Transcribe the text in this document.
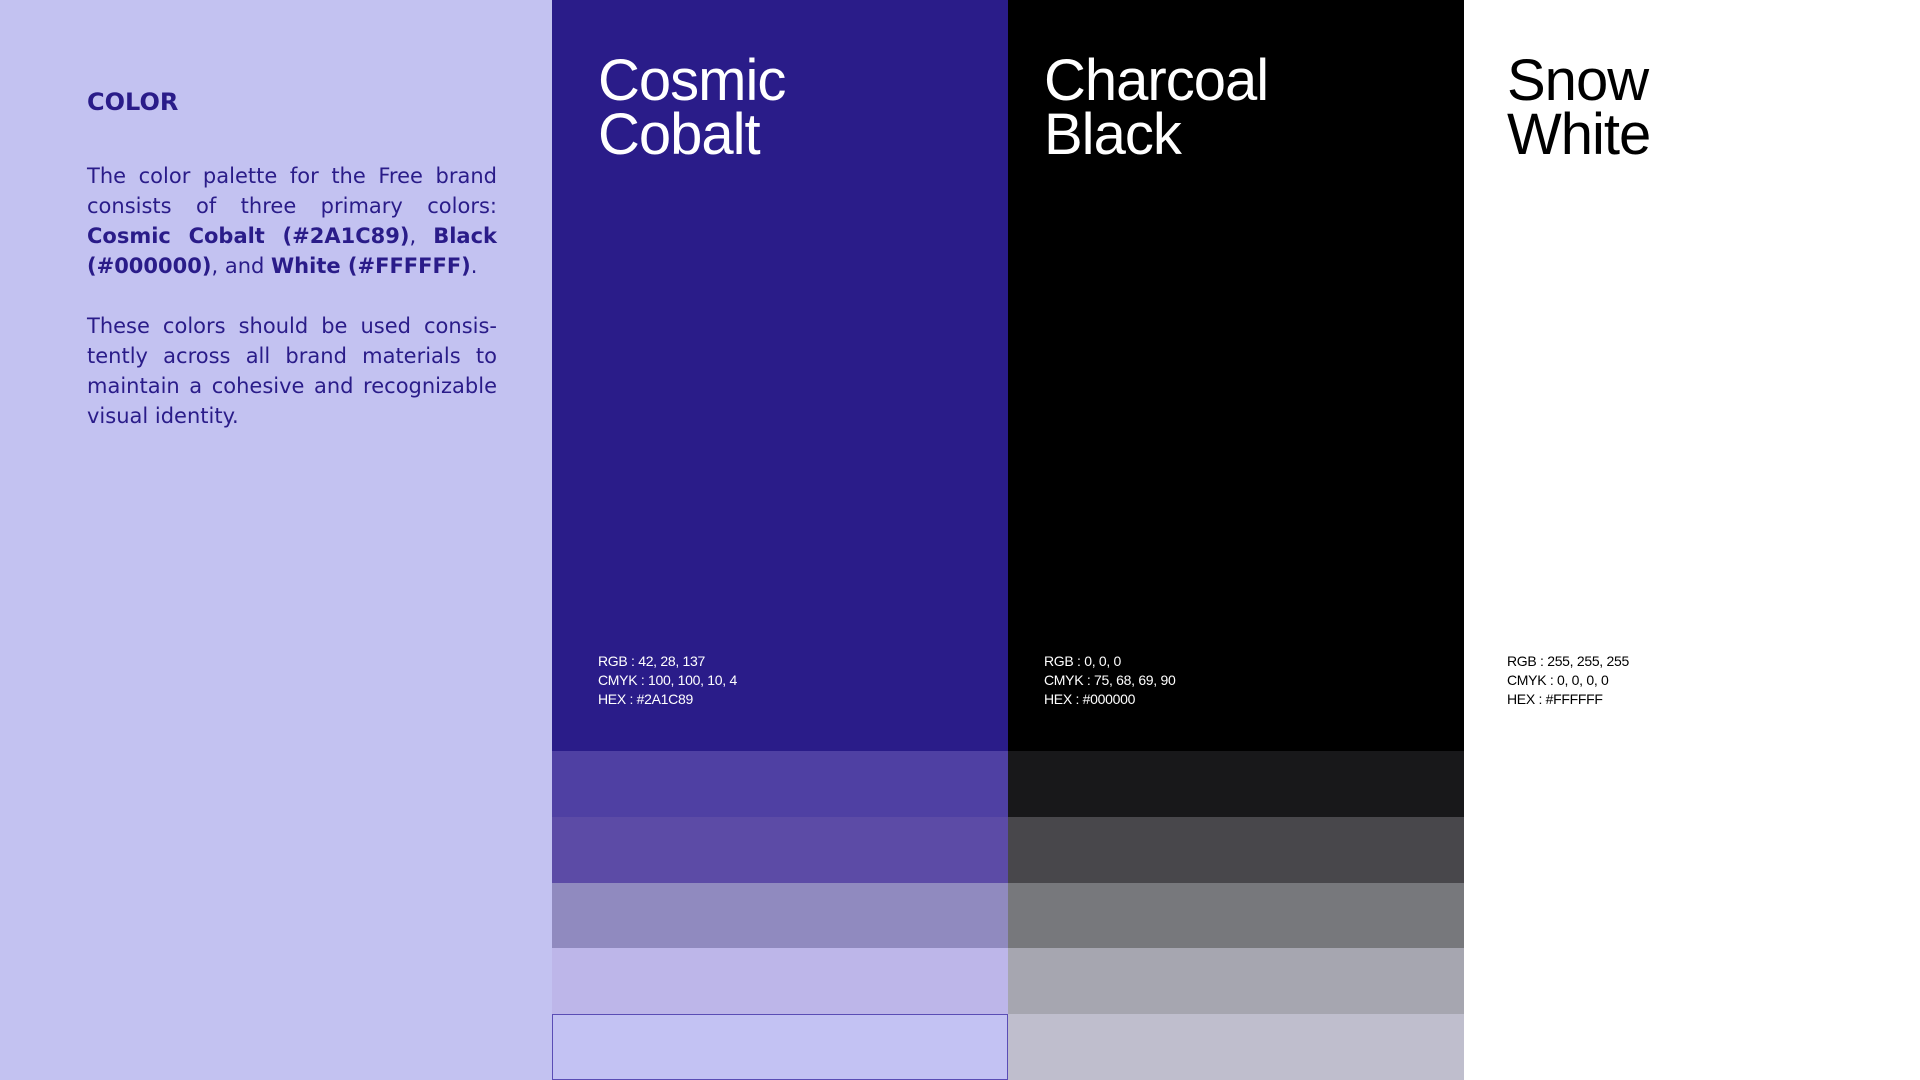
COLOR

The color palette for the Free brand consists of three primary colors: Cosmic Cobalt (#2A1C89), Black (#000000), and White (#FFFFFF).

These colors should be used consis-tently across all brand materials to maintain a cohesive and recognizable visual identity.

Cosmic
Cobalt
RGB : 42, 28, 137
CMYK : 100, 100, 10, 4
HEX : #2A1C89
Charcoal
Black
RGB : 0, 0, 0
CMYK : 75, 68, 69, 90
HEX : #000000
Snow
White
RGB : 255, 255, 255
CMYK : 0, 0, 0, 0
HEX : #FFFFFF
